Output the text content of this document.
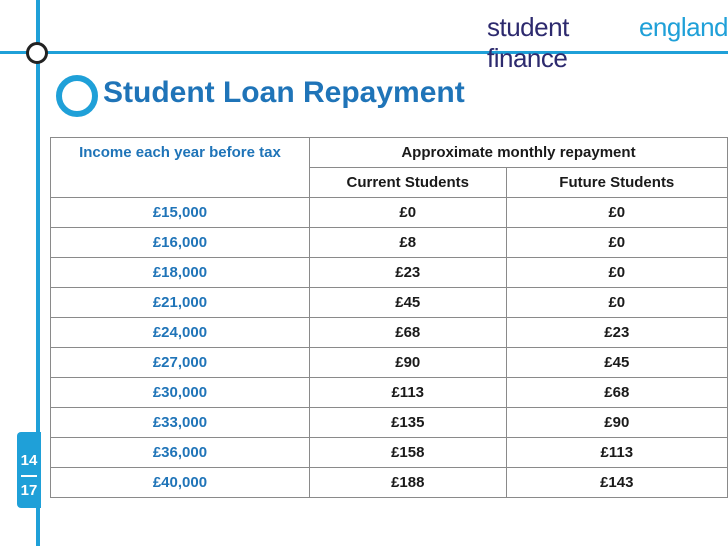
student finance
england
Student Loan Repayment
Income each year before tax	Approximate monthly repayment	
	Current Students	Future Students
£15,000	£0	£0
£16,000	£8	£0
£18,000	£23	£0
£21,000	£45	£0
£24,000	£68	£23
£27,000	£90	£45
£30,000	£113	£68
£33,000	£135	£90
£36,000	£158	£113
£40,000	£188	£143
14
17
